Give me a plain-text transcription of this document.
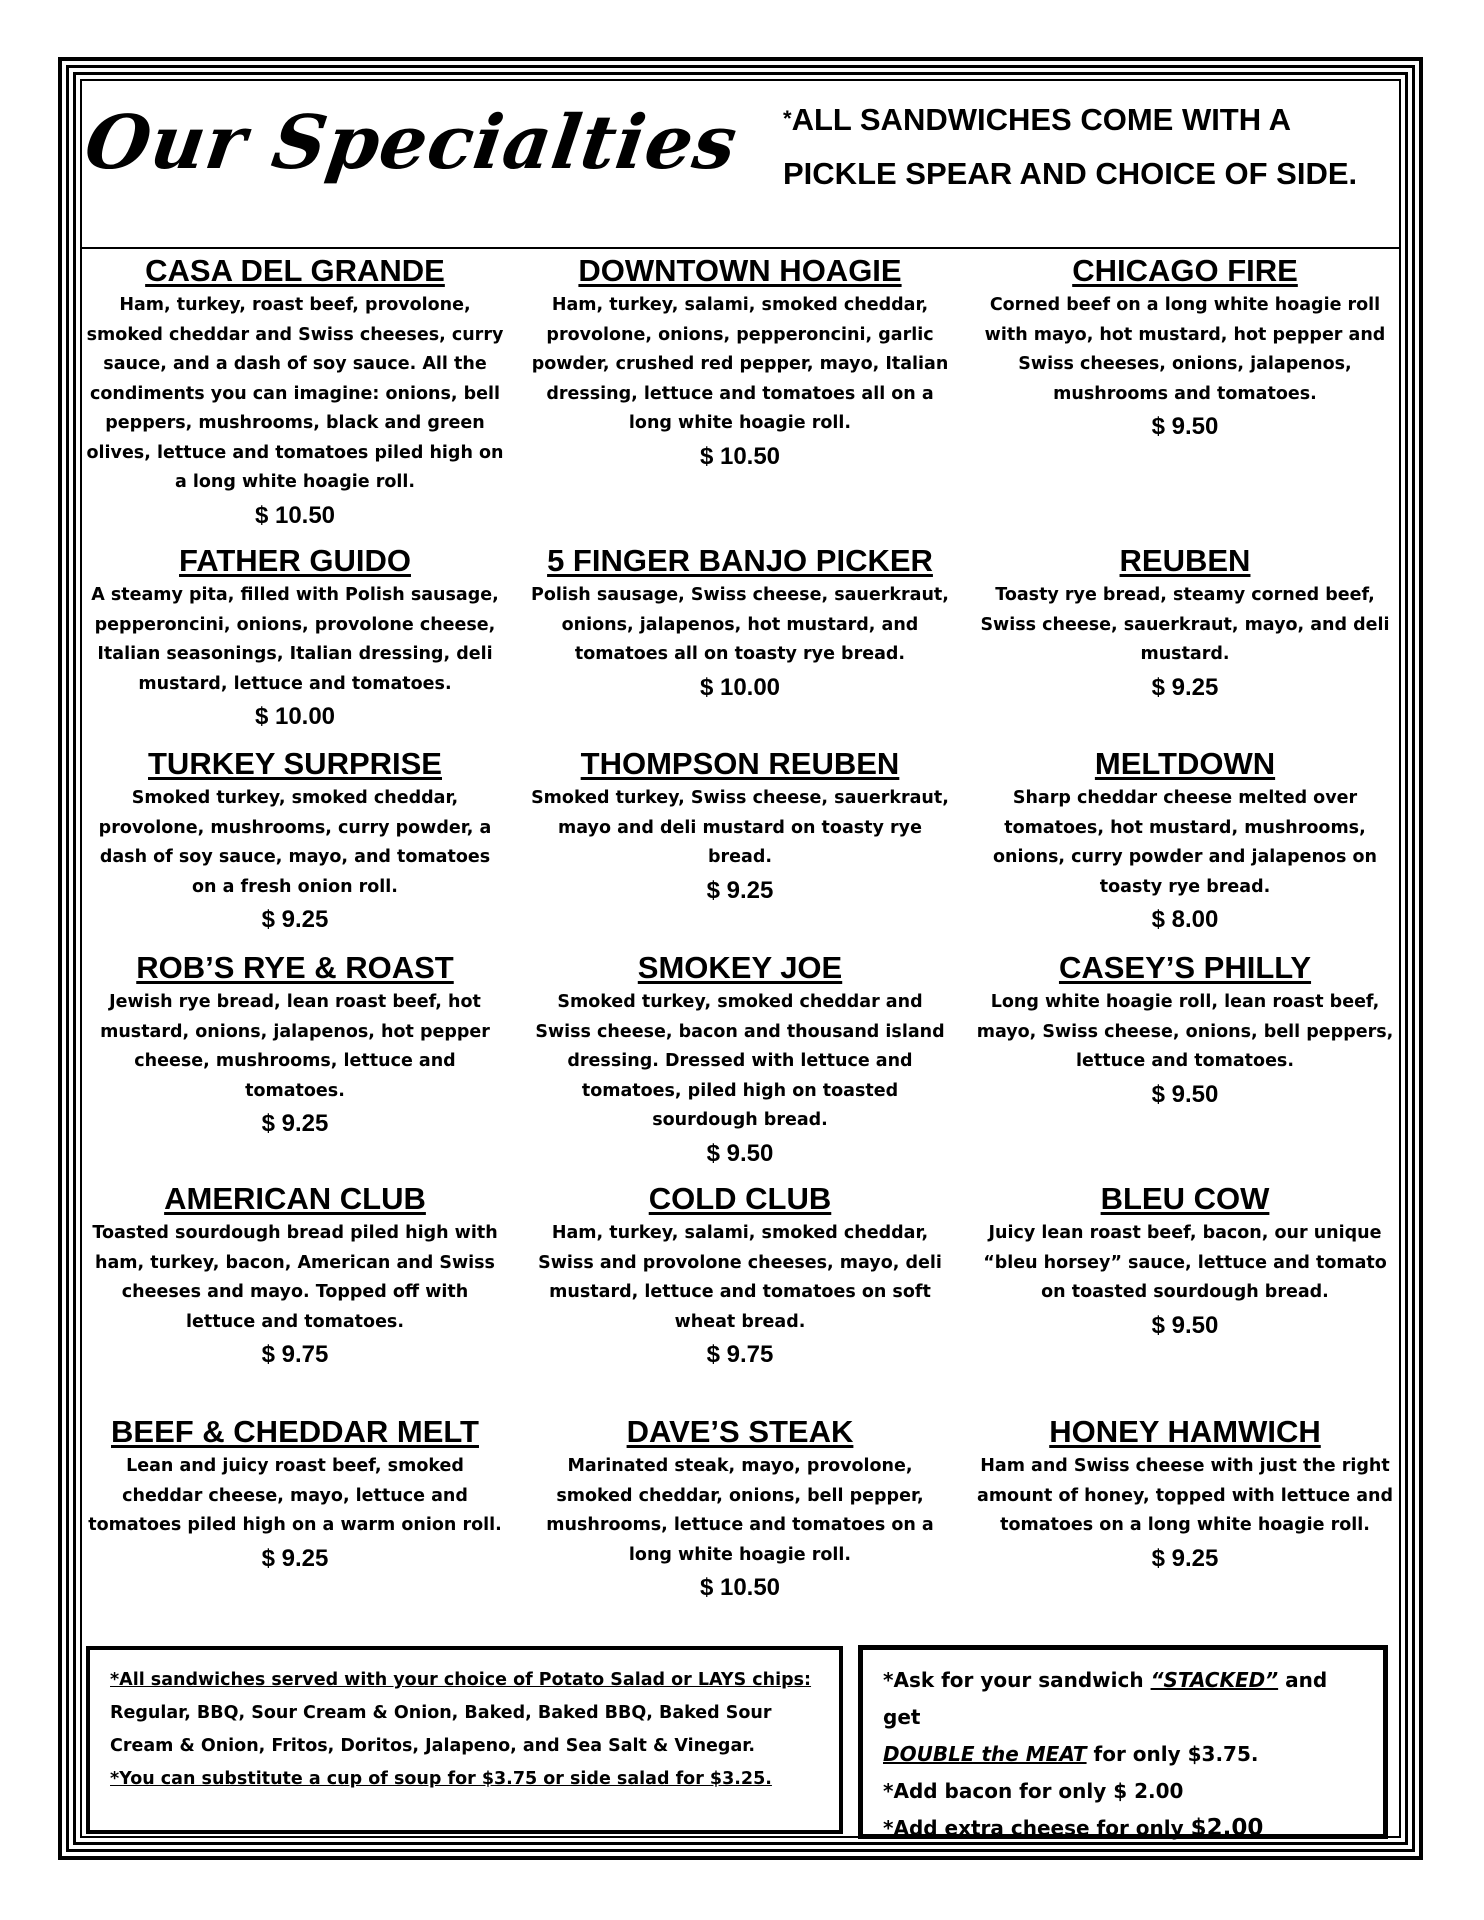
Our Specialties *ALL SANDWICHES COME WITH A
PICKLE SPEAR AND CHOICE OF SIDE.
CASA DEL GRANDE
Ham, turkey, roast beef, provolone, smoked cheddar and Swiss cheeses, curry sauce, and a dash of soy sauce. All the condiments you can imagine: onions, bell peppers, mushrooms, black and green olives, lettuce and tomatoes piled high on a long white hoagie roll.
$ 10.50
DOWNTOWN HOAGIE
Ham, turkey, salami, smoked cheddar, provolone, onions, pepperoncini, garlic powder, crushed red pepper, mayo, Italian dressing, lettuce and tomatoes all on a long white hoagie roll.
$ 10.50
CHICAGO FIRE
Corned beef on a long white hoagie roll with mayo, hot mustard, hot pepper and Swiss cheeses, onions, jalapenos, mushrooms and tomatoes.
$ 9.50
FATHER GUIDO
A steamy pita, filled with Polish sausage, pepperoncini, onions, provolone cheese, Italian seasonings, Italian dressing, deli mustard, lettuce and tomatoes.
$ 10.00
5 FINGER BANJO PICKER
Polish sausage, Swiss cheese, sauerkraut, onions, jalapenos, hot mustard, and tomatoes all on toasty rye bread.
$ 10.00
REUBEN
Toasty rye bread, steamy corned beef, Swiss cheese, sauerkraut, mayo, and deli mustard.
$ 9.25
TURKEY SURPRISE
Smoked turkey, smoked cheddar, provolone, mushrooms, curry powder, a dash of soy sauce, mayo, and tomatoes on a fresh onion roll.
$ 9.25
THOMPSON REUBEN
Smoked turkey, Swiss cheese, sauerkraut, mayo and deli mustard on toasty rye bread.
$ 9.25
MELTDOWN
Sharp cheddar cheese melted over tomatoes, hot mustard, mushrooms, onions, curry powder and jalapenos on toasty rye bread.
$ 8.00
ROB’S RYE & ROAST
Jewish rye bread, lean roast beef, hot mustard, onions, jalapenos, hot pepper cheese, mushrooms, lettuce and tomatoes.
$ 9.25
SMOKEY JOE
Smoked turkey, smoked cheddar and Swiss cheese, bacon and thousand island dressing. Dressed with lettuce and tomatoes, piled high on toasted sourdough bread.
$ 9.50
CASEY’S PHILLY
Long white hoagie roll, lean roast beef, mayo, Swiss cheese, onions, bell peppers, lettuce and tomatoes.
$ 9.50
AMERICAN CLUB
Toasted sourdough bread piled high with ham, turkey, bacon, American and Swiss cheeses and mayo. Topped off with lettuce and tomatoes.
$ 9.75
COLD CLUB
Ham, turkey, salami, smoked cheddar, Swiss and provolone cheeses, mayo, deli mustard, lettuce and tomatoes on soft wheat bread.
$ 9.75
BLEU COW
Juicy lean roast beef, bacon, our unique “bleu horsey” sauce, lettuce and tomato on toasted sourdough bread.
$ 9.50
BEEF & CHEDDAR MELT
Lean and juicy roast beef, smoked cheddar cheese, mayo, lettuce and tomatoes piled high on a warm onion roll.
$ 9.25
DAVE’S STEAK
Marinated steak, mayo, provolone, smoked cheddar, onions, bell pepper, mushrooms, lettuce and tomatoes on a long white hoagie roll.
$ 10.50
HONEY HAMWICH
Ham and Swiss cheese with just the right amount of honey, topped with lettuce and tomatoes on a long white hoagie roll.
$ 9.25
*All sandwiches served with your choice of Potato Salad or LAYS chips:
Regular, BBQ, Sour Cream & Onion, Baked, Baked BBQ, Baked Sour Cream & Onion, Fritos, Doritos, Jalapeno, and Sea Salt & Vinegar.
*You can substitute a cup of soup for $3.75 or side salad for $3.25.
*Ask for your sandwich “STACKED” and get
DOUBLE the MEAT for only $3.75.
*Add bacon for only $ 2.00
*Add extra cheese for only $2.00
